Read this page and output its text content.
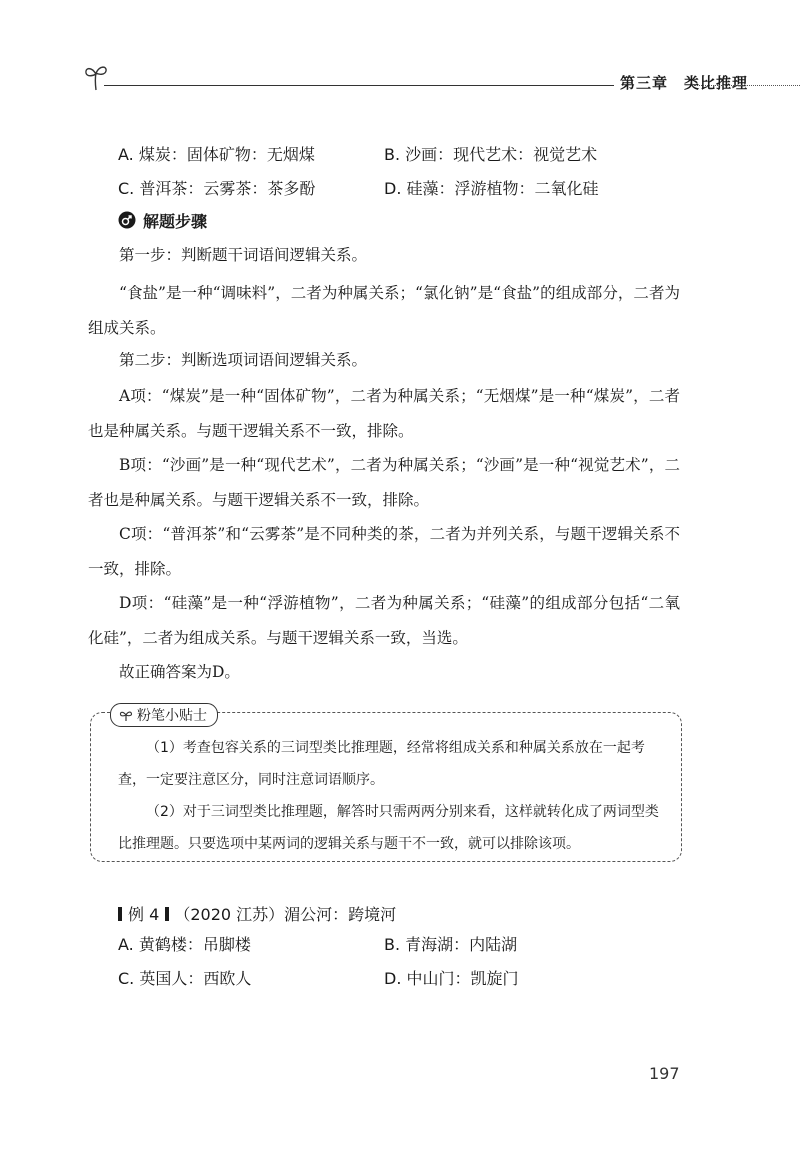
第三章 类比推理
A. 煤炭：固体矿物：无烟煤	B. 沙画：现代艺术：视觉艺术
C. 普洱茶：云雾茶：茶多酚	D. 硅藻：浮游植物：二氧化硅
解题步骤

第一步：判断题干词语间逻辑关系。

“食盐”是一种“调味料”，二者为种属关系；“氯化钠”是“食盐”的组成部分，二者为组成关系。

第二步：判断选项词语间逻辑关系。

A项：“煤炭”是一种“固体矿物”，二者为种属关系；“无烟煤”是一种“煤炭”，二者也是种属关系。与题干逻辑关系不一致，排除。

B项：“沙画”是一种“现代艺术”，二者为种属关系；“沙画”是一种“视觉艺术”，二者也是种属关系。与题干逻辑关系不一致，排除。

C项：“普洱茶”和“云雾茶”是不同种类的茶，二者为并列关系，与题干逻辑关系不一致，排除。

D项：“硅藻”是一种“浮游植物”，二者为种属关系；“硅藻”的组成部分包括“二氧化硅”，二者为组成关系。与题干逻辑关系一致，当选。

故正确答案为D。

粉笔小贴士

（1）考查包容关系的三词型类比推理题，经常将组成关系和种属关系放在一起考查，一定要注意区分，同时注意词语顺序。

（2）对于三词型类比推理题，解答时只需两两分别来看，这样就转化成了两词型类比推理题。只要选项中某两词的逻辑关系与题干不一致，就可以排除该项。

例 4 （2020 江苏）湄公河：跨境河
A. 黄鹤楼：吊脚楼	B. 青海湖：内陆湖
C. 英国人：西欧人	D. 中山门：凯旋门
197
